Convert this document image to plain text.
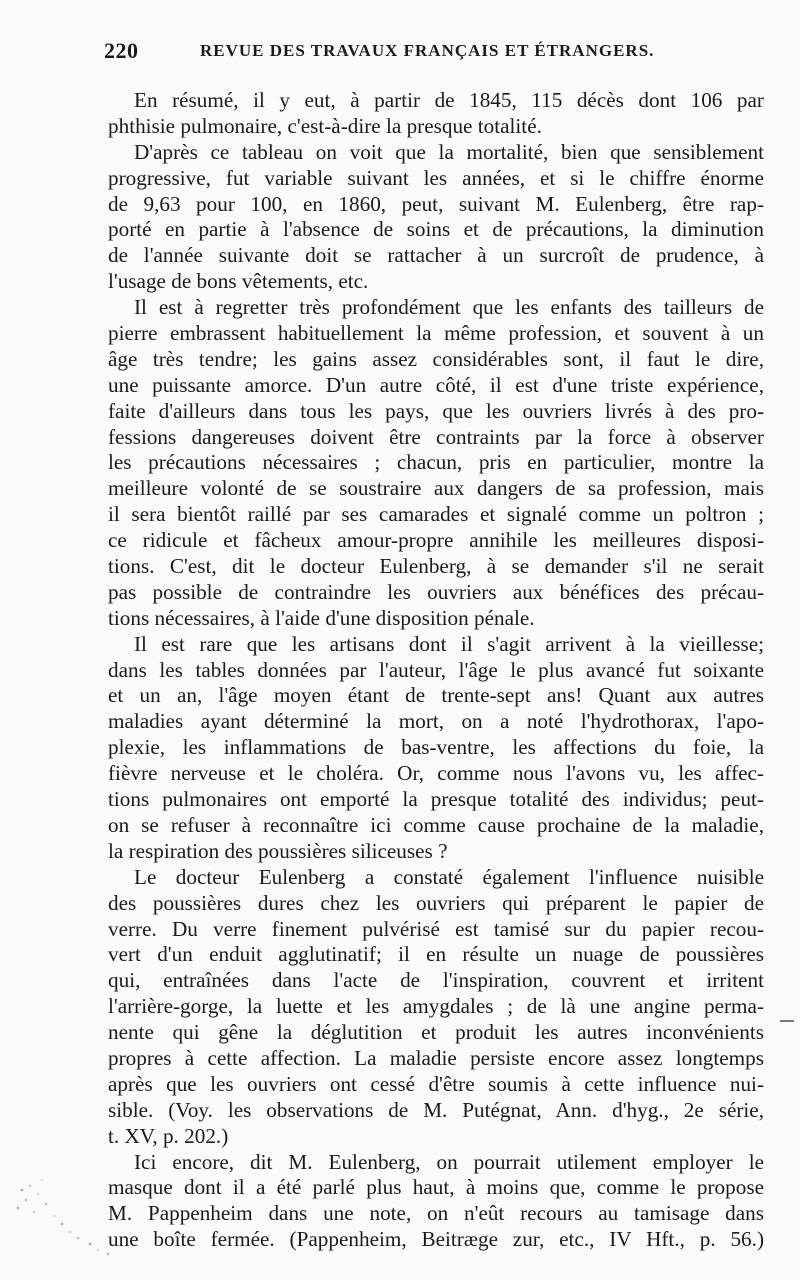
220	REVUE DES TRAVAUX FRANÇAIS ET ÉTRANGERS.
En résumé, il y eut, à partir de 1845, 115 décès dont 106 par
phthisie pulmonaire, c'est-à-dire la presque totalité.
D'après ce tableau on voit que la mortalité, bien que sensiblement
progressive, fut variable suivant les années, et si le chiffre énorme
de 9,63 pour 100, en 1860, peut, suivant M. Eulenberg, être rap-
porté en partie à l'absence de soins et de précautions, la diminution
de l'année suivante doit se rattacher à un surcroît de prudence, à
l'usage de bons vêtements, etc.
Il est à regretter très profondément que les enfants des tailleurs de
pierre embrassent habituellement la même profession, et souvent à un
âge très tendre; les gains assez considérables sont, il faut le dire,
une puissante amorce. D'un autre côté, il est d'une triste expérience,
faite d'ailleurs dans tous les pays, que les ouvriers livrés à des pro-
fessions dangereuses doivent être contraints par la force à observer
les précautions nécessaires ; chacun, pris en particulier, montre la
meilleure volonté de se soustraire aux dangers de sa profession, mais
il sera bientôt raillé par ses camarades et signalé comme un poltron ;
ce ridicule et fâcheux amour-propre annihile les meilleures disposi-
tions. C'est, dit le docteur Eulenberg, à se demander s'il ne serait
pas possible de contraindre les ouvriers aux bénéfices des précau-
tions nécessaires, à l'aide d'une disposition pénale.
Il est rare que les artisans dont il s'agit arrivent à la vieillesse;
dans les tables données par l'auteur, l'âge le plus avancé fut soixante
et un an, l'âge moyen étant de trente-sept ans! Quant aux autres
maladies ayant déterminé la mort, on a noté l'hydrothorax, l'apo-
plexie, les inflammations de bas-ventre, les affections du foie, la
fièvre nerveuse et le choléra. Or, comme nous l'avons vu, les affec-
tions pulmonaires ont emporté la presque totalité des individus; peut-
on se refuser à reconnaître ici comme cause prochaine de la maladie,
la respiration des poussières siliceuses ?
Le docteur Eulenberg a constaté également l'influence nuisible
des poussières dures chez les ouvriers qui préparent le papier de
verre. Du verre finement pulvérisé est tamisé sur du papier recou-
vert d'un enduit agglutinatif; il en résulte un nuage de poussières
qui, entraînées dans l'acte de l'inspiration, couvrent et irritent
l'arrière-gorge, la luette et les amygdales ; de là une angine perma-
nente qui gêne la déglutition et produit les autres inconvénients
propres à cette affection. La maladie persiste encore assez longtemps
après que les ouvriers ont cessé d'être soumis à cette influence nui-
sible. (Voy. les observations de M. Putégnat, Ann. d'hyg., 2e série,
t. XV, p. 202.)
Ici encore, dit M. Eulenberg, on pourrait utilement employer le
masque dont il a été parlé plus haut, à moins que, comme le propose
M. Pappenheim dans une note, on n'eût recours au tamisage dans
une boîte fermée. (Pappenheim, Beitræge zur, etc., IV Hft., p. 56.)
